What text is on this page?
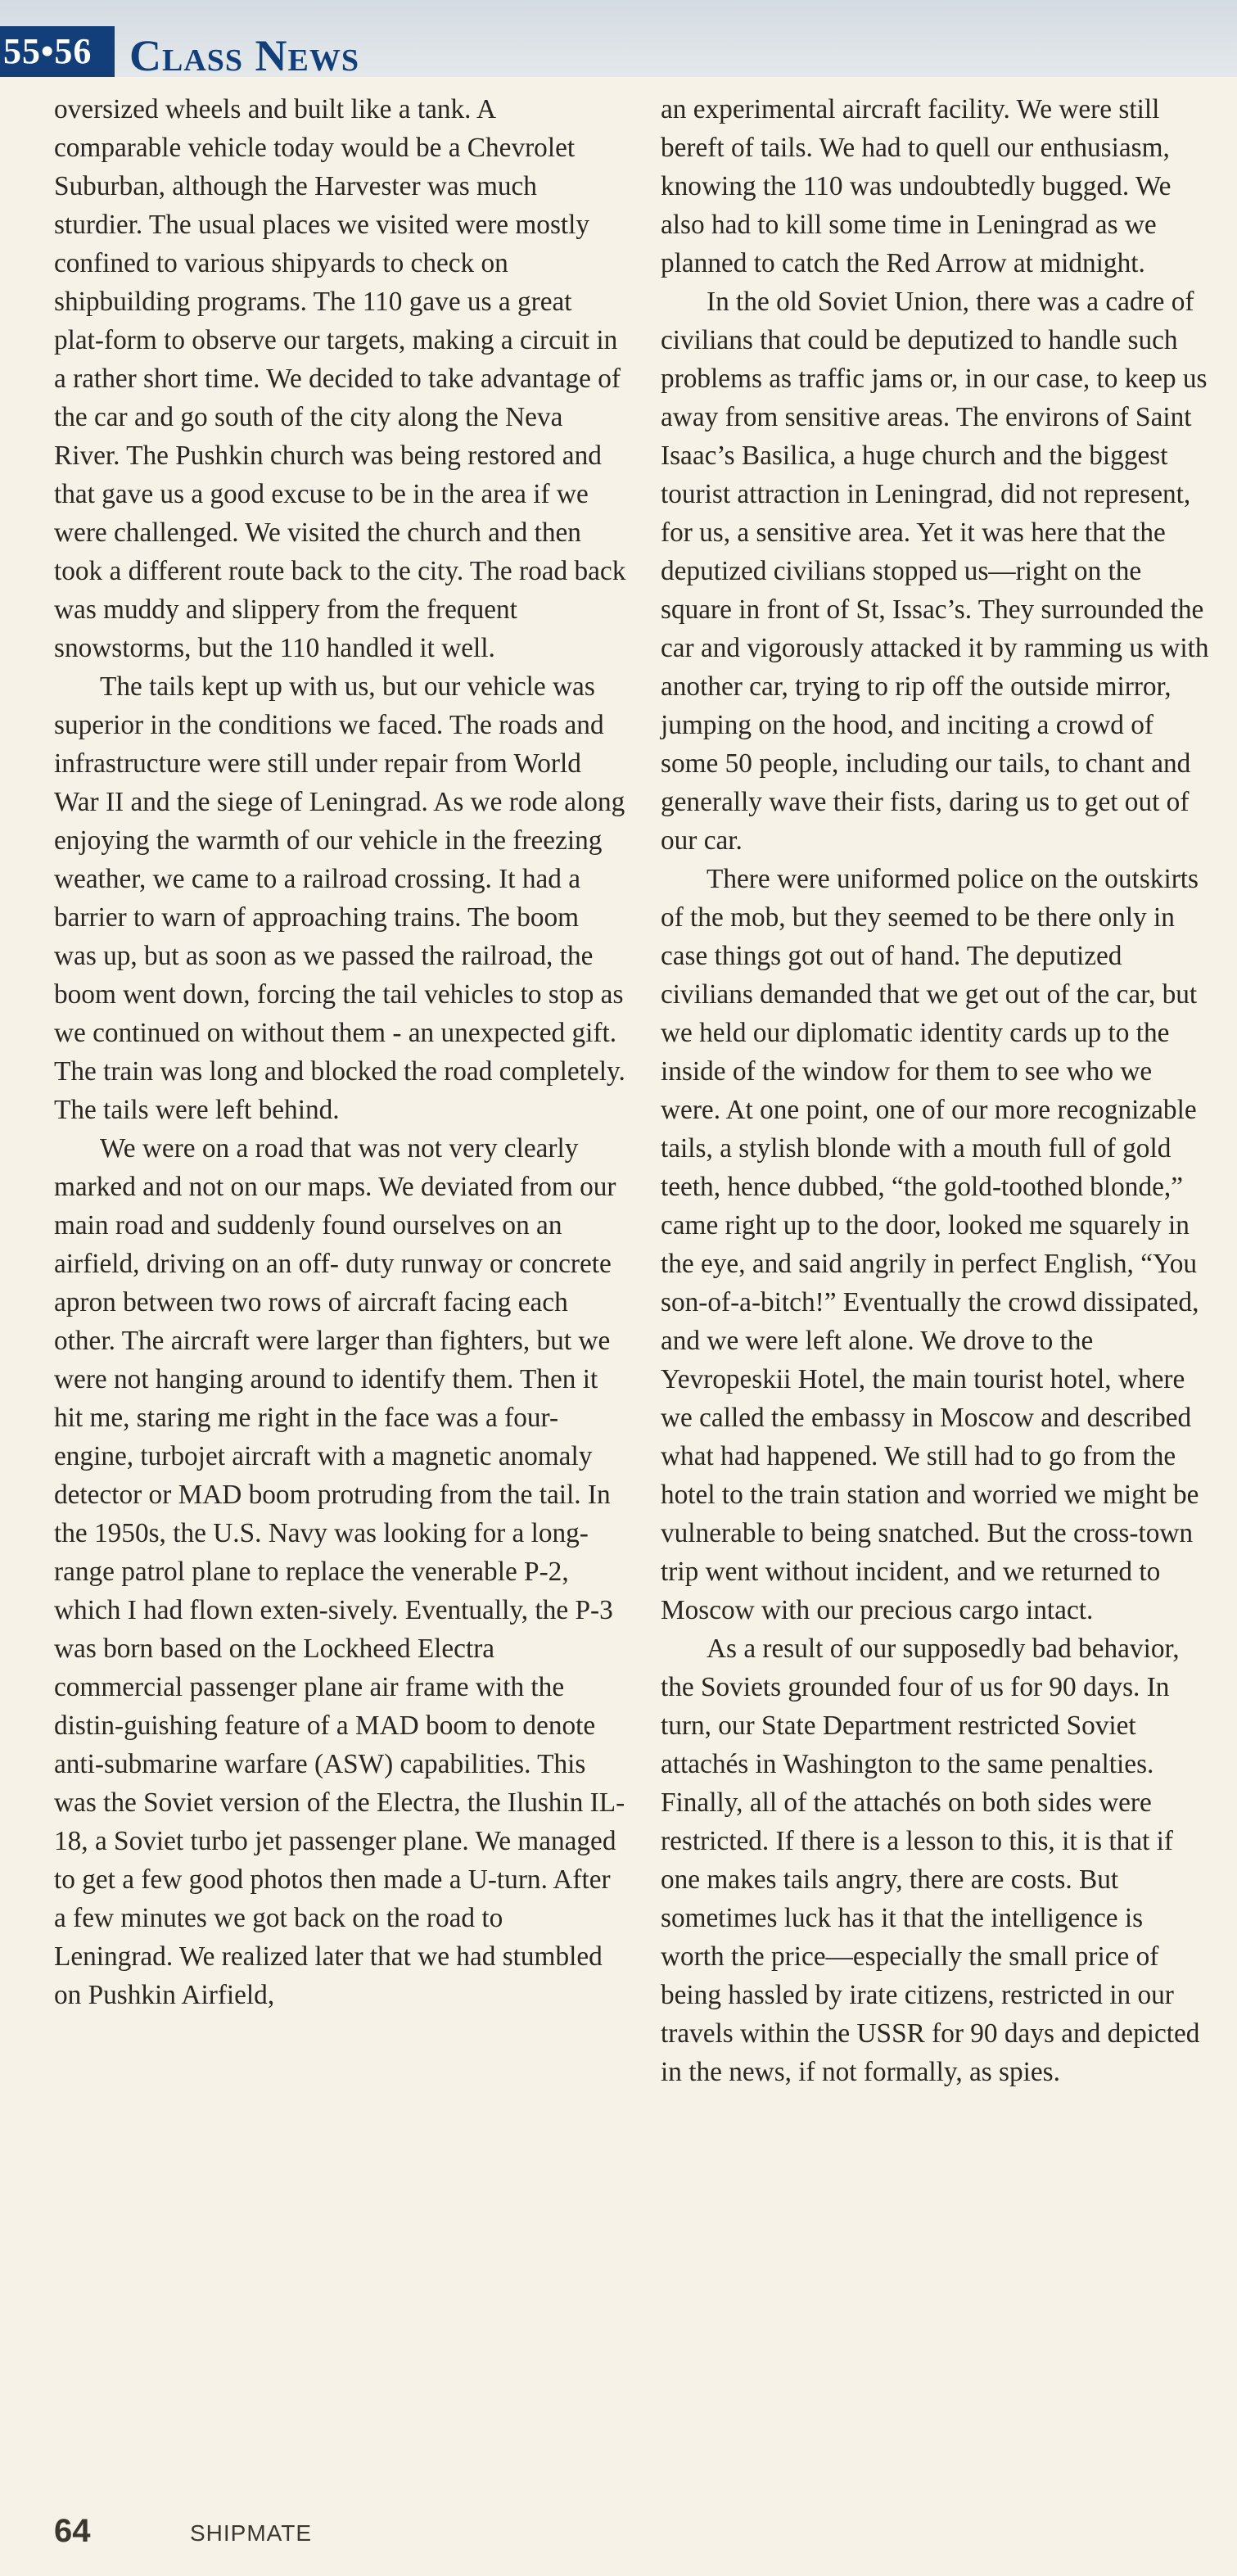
55•56 Class News

oversized wheels and built like a tank. A comparable vehicle today would be a Chevrolet Suburban, although the Harvester was much sturdier. The usual places we visited were mostly confined to various shipyards to check on shipbuilding programs. The 110 gave us a great plat-form to observe our targets, making a circuit in a rather short time. We decided to take advantage of the car and go south of the city along the Neva River. The Pushkin church was being restored and that gave us a good excuse to be in the area if we were challenged. We visited the church and then took a different route back to the city. The road back was muddy and slippery from the frequent snowstorms, but the 110 handled it well.

The tails kept up with us, but our vehicle was superior in the conditions we faced. The roads and infrastructure were still under repair from World War II and the siege of Leningrad. As we rode along enjoying the warmth of our vehicle in the freezing weather, we came to a railroad crossing. It had a barrier to warn of approaching trains. The boom was up, but as soon as we passed the railroad, the boom went down, forcing the tail vehicles to stop as we continued on without them - an unexpected gift. The train was long and blocked the road completely. The tails were left behind.

We were on a road that was not very clearly marked and not on our maps. We deviated from our main road and suddenly found ourselves on an airfield, driving on an off- duty runway or concrete apron between two rows of aircraft facing each other. The aircraft were larger than fighters, but we were not hanging around to identify them. Then it hit me, staring me right in the face was a four-engine, turbojet aircraft with a magnetic anomaly detector or MAD boom protruding from the tail. In the 1950s, the U.S. Navy was looking for a long-range patrol plane to replace the venerable P-2, which I had flown exten-sively. Eventually, the P-3 was born based on the Lockheed Electra commercial passenger plane air frame with the distin-guishing feature of a MAD boom to denote anti-submarine warfare (ASW) capabilities. This was the Soviet version of the Electra, the Ilushin IL-18, a Soviet turbo jet passenger plane. We managed to get a few good photos then made a U-turn. After a few minutes we got back on the road to Leningrad. We realized later that we had stumbled on Pushkin Airfield,

an experimental aircraft facility. We were still bereft of tails. We had to quell our enthusiasm, knowing the 110 was undoubtedly bugged. We also had to kill some time in Leningrad as we planned to catch the Red Arrow at midnight.

In the old Soviet Union, there was a cadre of civilians that could be deputized to handle such problems as traffic jams or, in our case, to keep us away from sensitive areas. The environs of Saint Isaac’s Basilica, a huge church and the biggest tourist attraction in Leningrad, did not represent, for us, a sensitive area. Yet it was here that the deputized civilians stopped us—right on the square in front of St, Issac’s. They surrounded the car and vigorously attacked it by ramming us with another car, trying to rip off the outside mirror, jumping on the hood, and inciting a crowd of some 50 people, including our tails, to chant and generally wave their fists, daring us to get out of our car.

There were uniformed police on the outskirts of the mob, but they seemed to be there only in case things got out of hand. The deputized civilians demanded that we get out of the car, but we held our diplomatic identity cards up to the inside of the window for them to see who we were. At one point, one of our more recognizable tails, a stylish blonde with a mouth full of gold teeth, hence dubbed, “the gold-toothed blonde,” came right up to the door, looked me squarely in the eye, and said angrily in perfect English, “You son-of-a-bitch!” Eventually the crowd dissipated, and we were left alone. We drove to the Yevropeskii Hotel, the main tourist hotel, where we called the embassy in Moscow and described what had happened. We still had to go from the hotel to the train station and worried we might be vulnerable to being snatched. But the cross-town trip went without incident, and we returned to Moscow with our precious cargo intact.

As a result of our supposedly bad behavior, the Soviets grounded four of us for 90 days. In turn, our State Department restricted Soviet attachés in Washington to the same penalties. Finally, all of the attachés on both sides were restricted. If there is a lesson to this, it is that if one makes tails angry, there are costs. But sometimes luck has it that the intelligence is worth the price—especially the small price of being hassled by irate citizens, restricted in our travels within the USSR for 90 days and depicted in the news, if not formally, as spies.

64	SHIPMATE
